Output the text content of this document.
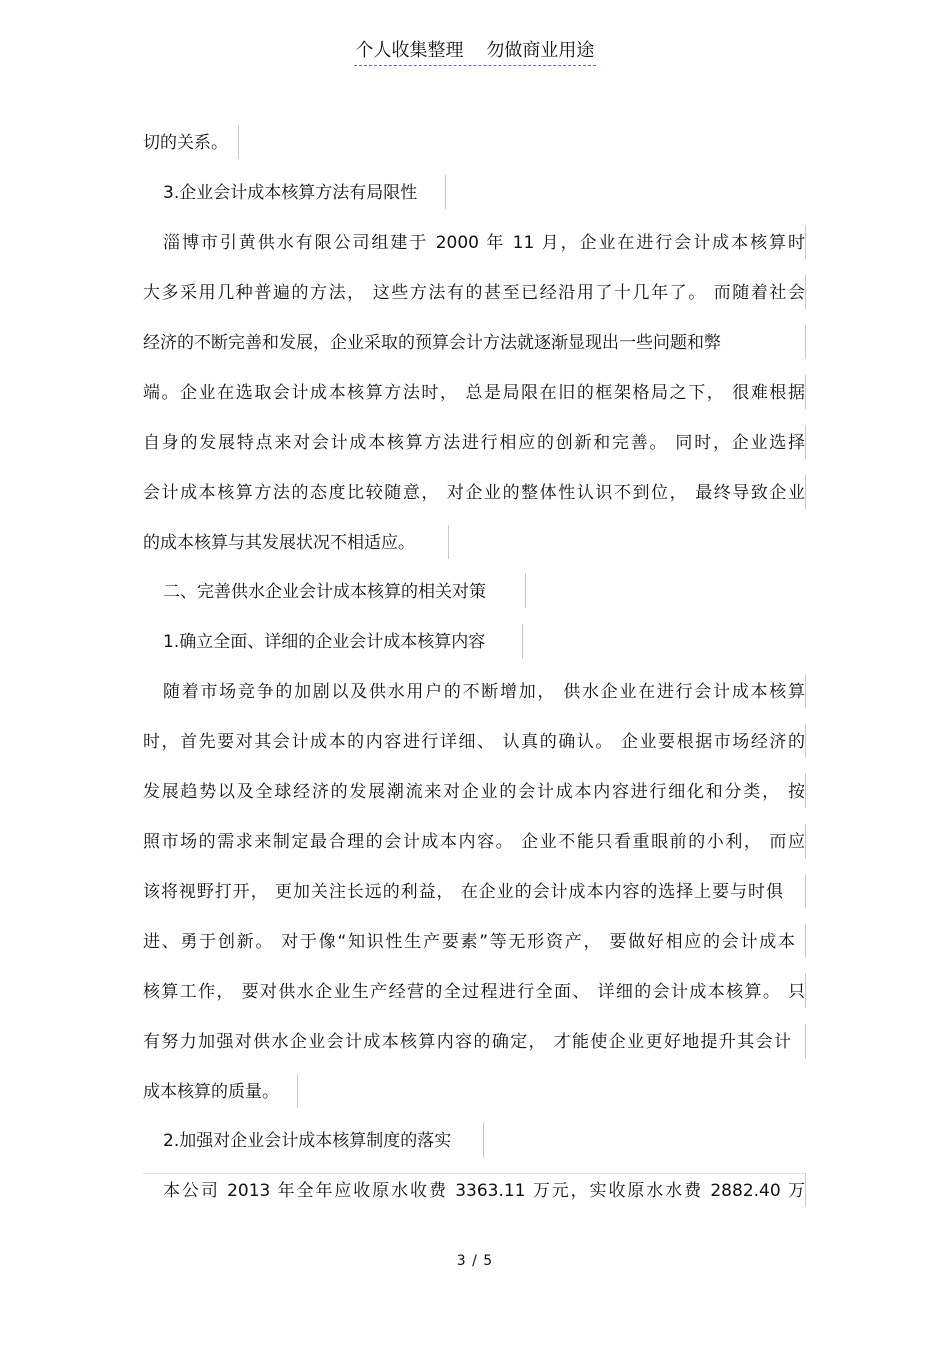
个人收集整理    勿做商业用途
切的关系。
3.企业会计成本核算方法有局限性
淄博市引黄供水有限公司组建于 2000 年 11 月，企业在进行会计成本核算时
大多采用几种普遍的方法， 这些方法有的甚至已经沿用了十几年了。 而随着社会
经济的不断完善和发展，企业采取的预算会计方法就逐渐显现出一些问题和弊
端。企业在选取会计成本核算方法时， 总是局限在旧的框架格局之下， 很难根据
自身的发展特点来对会计成本核算方法进行相应的创新和完善。 同时，企业选择
会计成本核算方法的态度比较随意， 对企业的整体性认识不到位， 最终导致企业
的成本核算与其发展状况不相适应。
二、完善供水企业会计成本核算的相关对策
1.确立全面、详细的企业会计成本核算内容
随着市场竞争的加剧以及供水用户的不断增加， 供水企业在进行会计成本核算
时，首先要对其会计成本的内容进行详细、 认真的确认。 企业要根据市场经济的
发展趋势以及全球经济的发展潮流来对企业的会计成本内容进行细化和分类， 按
照市场的需求来制定最合理的会计成本内容。 企业不能只看重眼前的小利， 而应
该将视野打开， 更加关注长远的利益， 在企业的会计成本内容的选择上要与时俱
进、勇于创新。 对于像“知识性生产要素”等无形资产， 要做好相应的会计成本
核算工作， 要对供水企业生产经营的全过程进行全面、 详细的会计成本核算。 只
有努力加强对供水企业会计成本核算内容的确定， 才能使企业更好地提升其会计
成本核算的质量。
2.加强对企业会计成本核算制度的落实
本公司 2013 年全年应收原水收费 3363.11 万元，实收原水水费 2882.40 万
3 / 5
